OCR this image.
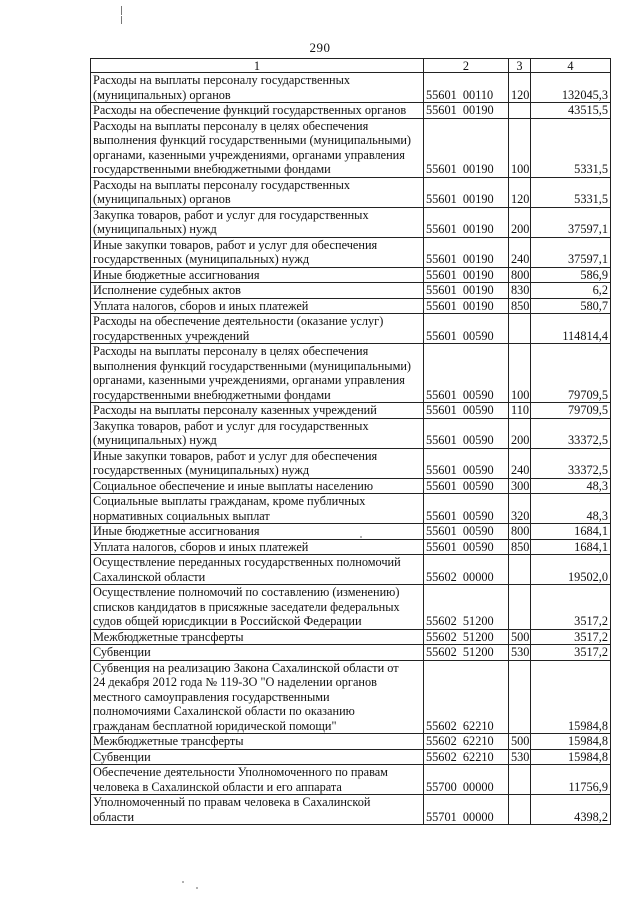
290
1	2	3	4

Расходы на выплаты персоналу государственных
(муниципальных) органов	55601  00110	120	132045,3

Расходы на обеспечение функций государственных органов	55601  00190		43515,5

Расходы на выплаты персоналу в целях обеспечения
выполнения функций государственными (муниципальными)
органами, казенными учреждениями, органами управления
государственными внебюджетными фондами	55601  00190	100	5331,5

Расходы на выплаты персоналу государственных
(муниципальных) органов	55601  00190	120	5331,5

Закупка товаров, работ и услуг для государственных
(муниципальных) нужд	55601  00190	200	37597,1

Иные закупки товаров, работ и услуг для обеспечения
государственных (муниципальных) нужд	55601  00190	240	37597,1

Иные бюджетные ассигнования	55601  00190	800	586,9

Исполнение судебных актов	55601  00190	830	6,2

Уплата налогов, сборов и иных платежей	55601  00190	850	580,7

Расходы на обеспечение деятельности (оказание услуг)
государственных учреждений	55601  00590		114814,4

Расходы на выплаты персоналу в целях обеспечения
выполнения функций государственными (муниципальными)
органами, казенными учреждениями, органами управления
государственными внебюджетными фондами	55601  00590	100	79709,5

Расходы на выплаты персоналу казенных учреждений	55601  00590	110	79709,5

Закупка товаров, работ и услуг для государственных
(муниципальных) нужд	55601  00590	200	33372,5

Иные закупки товаров, работ и услуг для обеспечения
государственных (муниципальных) нужд	55601  00590	240	33372,5

Социальное обеспечение и иные выплаты населению	55601  00590	300	48,3

Социальные выплаты гражданам, кроме публичных
нормативных социальных выплат	55601  00590	320	48,3

Иные бюджетные ассигнования	55601  00590	800	1684,1

Уплата налогов, сборов и иных платежей	55601  00590	850	1684,1

Осуществление переданных государственных полномочий
Сахалинской области	55602  00000		19502,0

Осуществление полномочий по составлению (изменению)
списков кандидатов в присяжные заседатели федеральных
судов общей юрисдикции в Российской Федерации	55602  51200		3517,2

Межбюджетные трансферты	55602  51200	500	3517,2

Субвенции	55602  51200	530	3517,2

Субвенция на реализацию Закона Сахалинской области от
24 декабря 2012 года № 119-ЗО "О наделении органов
местного самоуправления государственными
полномочиями Сахалинской области по оказанию
гражданам бесплатной юридической помощи"	55602  62210		15984,8

Межбюджетные трансферты	55602  62210	500	15984,8

Субвенции	55602  62210	530	15984,8

Обеспечение деятельности Уполномоченного по правам
человека в Сахалинской области и его аппарата	55700  00000		11756,9

Уполномоченный по правам человека в Сахалинской
области	55701  00000		4398,2
